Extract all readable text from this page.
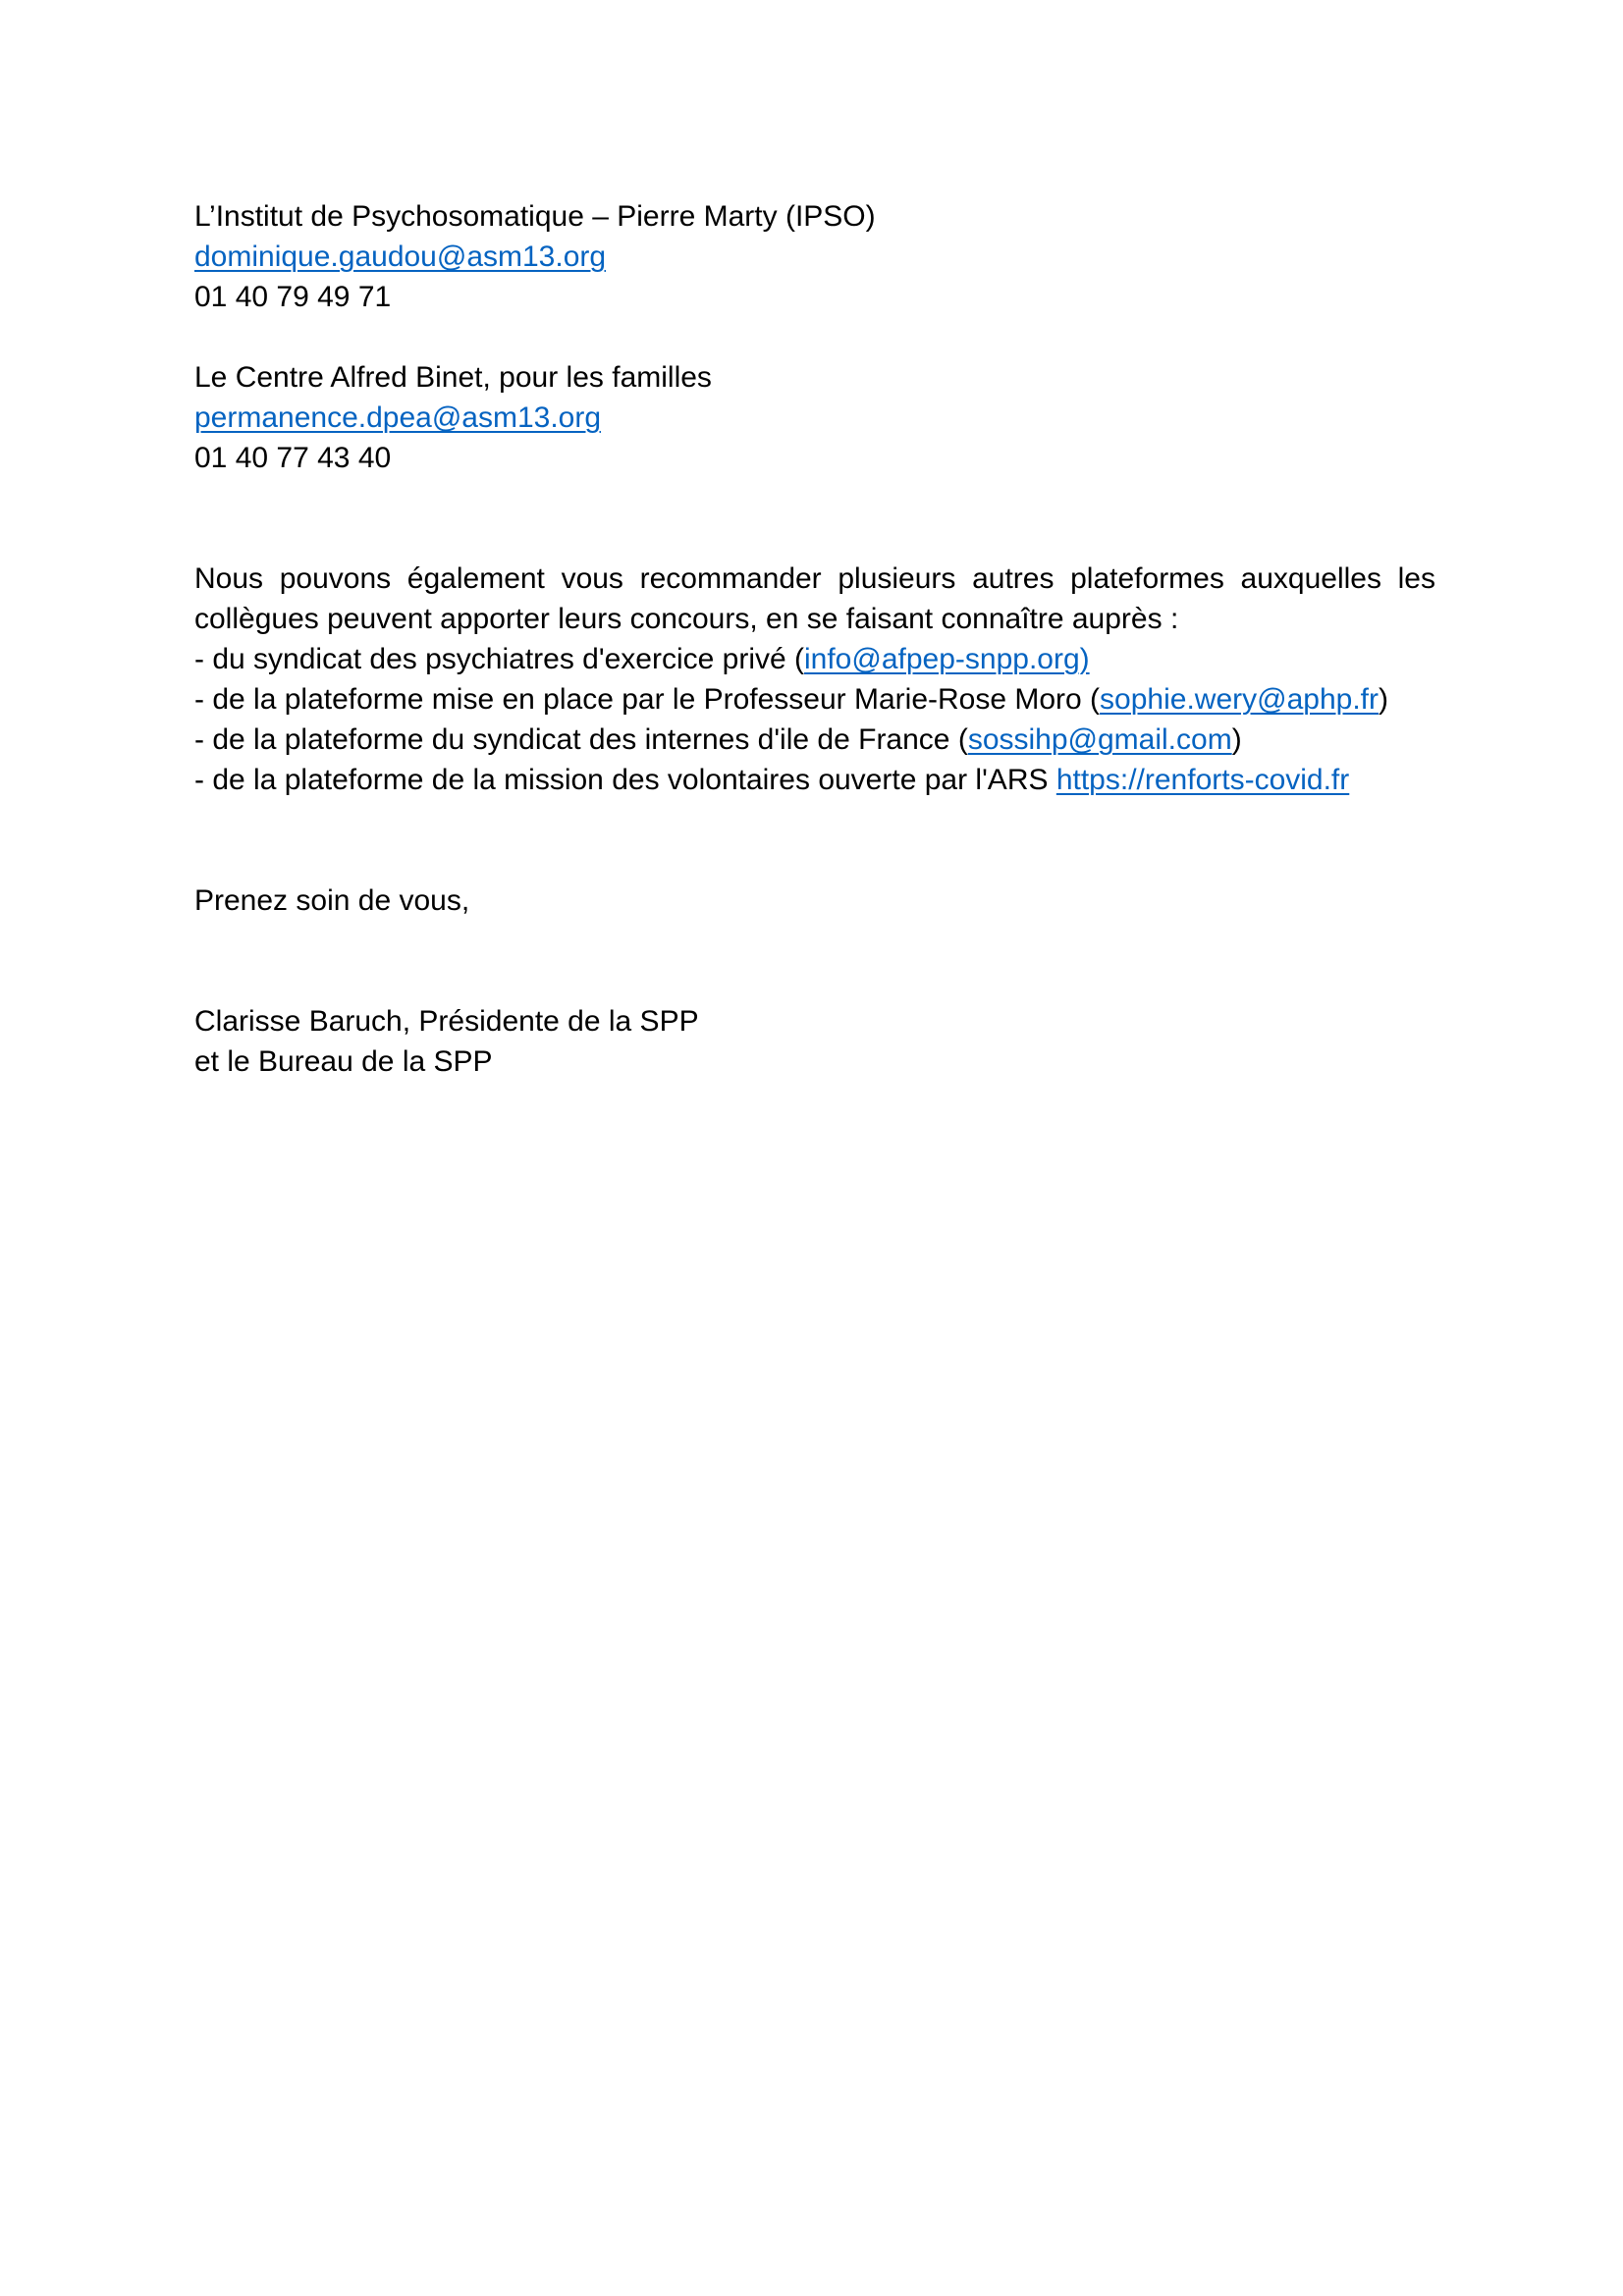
L’Institut de Psychosomatique – Pierre Marty (IPSO)
dominique.gaudou@asm13.org
01 40 79 49 71
Le Centre Alfred Binet, pour les familles
permanence.dpea@asm13.org
01 40 77 43 40
Nous pouvons également vous recommander plusieurs autres plateformes auxquelles les
collègues peuvent apporter leurs concours, en se faisant connaître auprès :
- du syndicat des psychiatres d'exercice privé (info@afpep-snpp.org)
- de la plateforme mise en place par le Professeur Marie-Rose Moro (sophie.wery@aphp.fr)
- de la plateforme du syndicat des internes d'ile de France (sossihp@gmail.com)
- de la plateforme de la mission des volontaires ouverte par l'ARS https://renforts-covid.fr
Prenez soin de vous,
Clarisse Baruch, Présidente de la SPP
et le Bureau de la SPP
